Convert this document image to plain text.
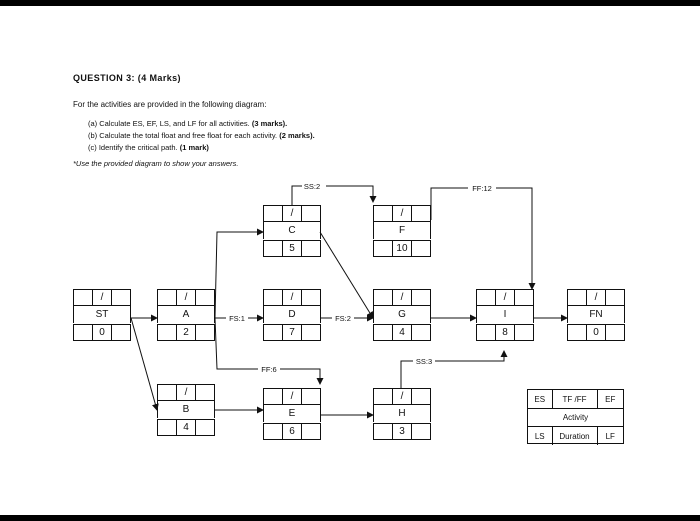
QUESTION 3: (4 Marks)
For the activities are provided in the following diagram:
(a) Calculate ES, EF, LS, and LF for all activities. (3 marks).
(b) Calculate the total float and free float for each activity. (2 marks).
(c) Identify the critical path. (1 mark)
*Use the provided diagram to show your answers.
SS:2	FF:12
FS:1	FS:2
FF:6
SS:3
/
ST
0
/
A
2
/
B
4
/
C
5
/
D
7
/
E
6
/
F
10
/
G
4
/
H
3
/
I
8
/
FN
0
ES	TF /FF	EF
Activity
LS	Duration	LF
